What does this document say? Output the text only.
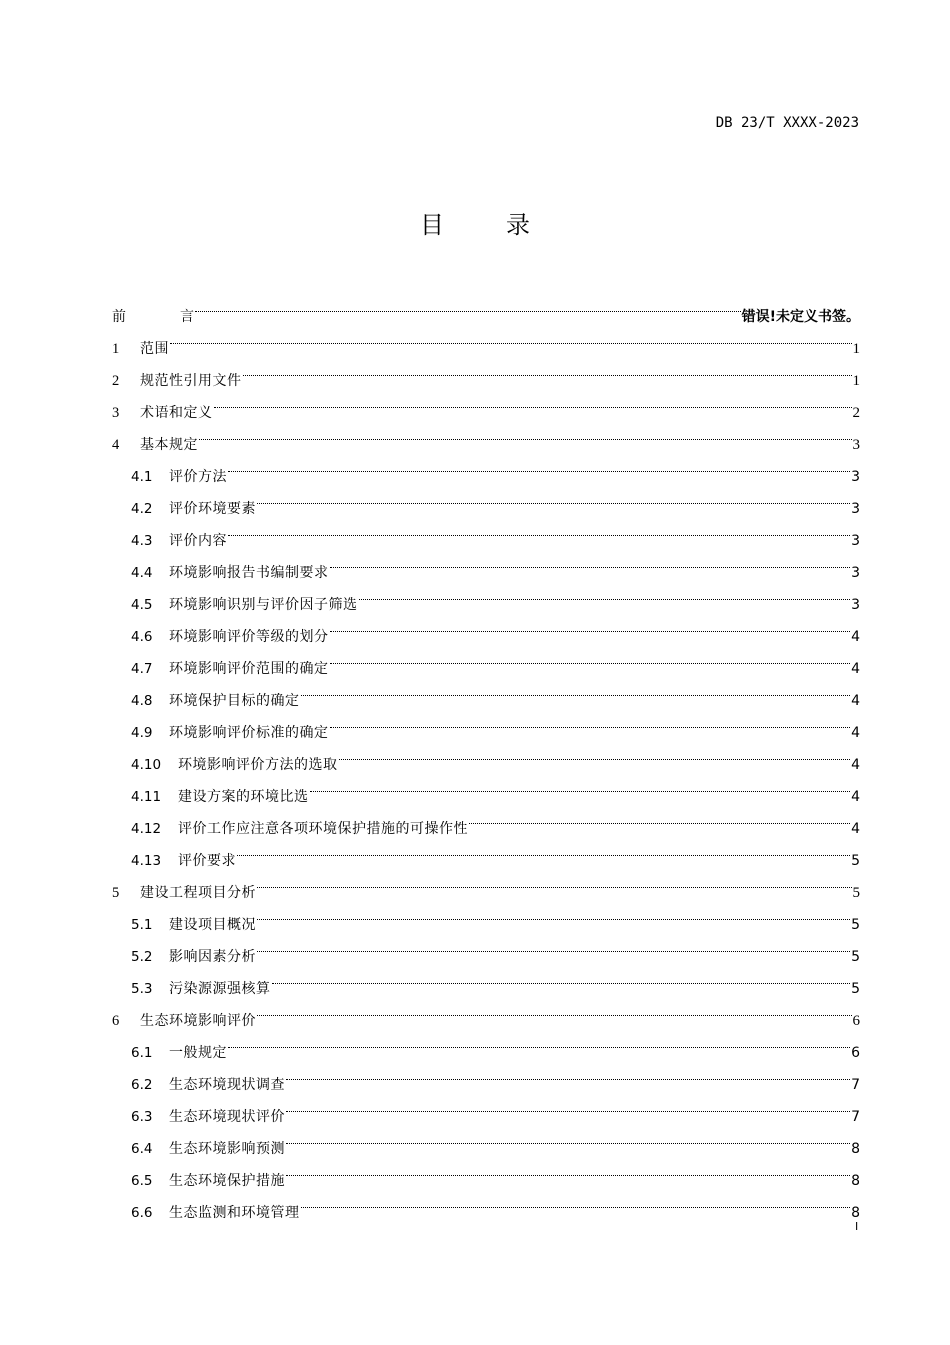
DB 23/T XXXX-2023
目	录
前	言	错误!未定义书签。
1	范围	1
2	规范性引用文件	1
3	术语和定义	2
4	基本规定	3
4.1	评价方法	3
4.2	评价环境要素	3
4.3	评价内容	3
4.4	环境影响报告书编制要求	3
4.5	环境影响识别与评价因子筛选	3
4.6	环境影响评价等级的划分	4
4.7	环境影响评价范围的确定	4
4.8	环境保护目标的确定	4
4.9	环境影响评价标准的确定	4
4.10	环境影响评价方法的选取	4
4.11	建设方案的环境比选	4
4.12	评价工作应注意各项环境保护措施的可操作性	4
4.13	评价要求	5
5	建设工程项目分析	5
5.1	建设项目概况	5
5.2	影响因素分析	5
5.3	污染源源强核算	5
6	生态环境影响评价	6
6.1	一般规定	6
6.2	生态环境现状调查	7
6.3	生态环境现状评价	7
6.4	生态环境影响预测	8
6.5	生态环境保护措施	8
6.6	生态监测和环境管理	8
I
